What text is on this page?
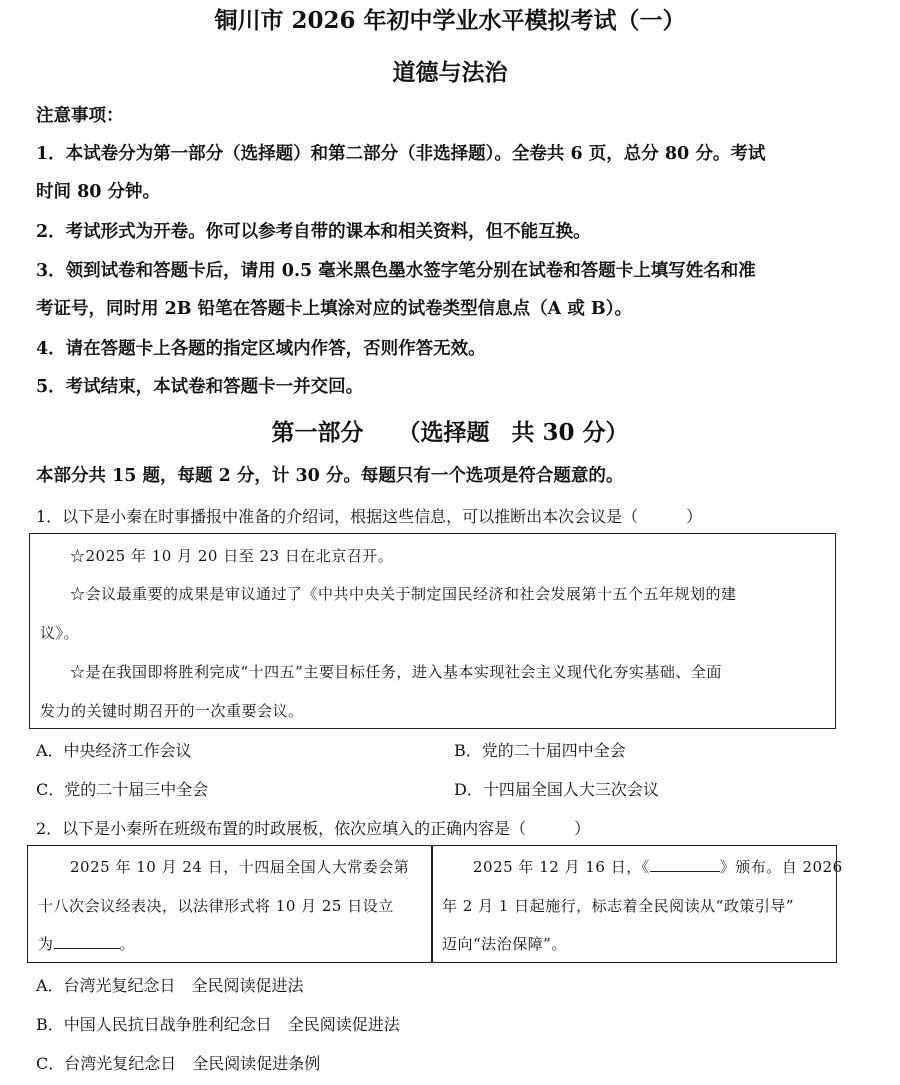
铜川市 2026 年初中学业水平模拟考试（一）
道德与法治
注意事项：
1．本试卷分为第一部分（选择题）和第二部分（非选择题）。全卷共 6 页，总分 80 分。考试
时间 80 分钟。
2．考试形式为开卷。你可以参考自带的课本和相关资料，但不能互换。
3．领到试卷和答题卡后，请用 0.5 毫米黑色墨水签字笔分别在试卷和答题卡上填写姓名和准
考证号，同时用 2B 铅笔在答题卡上填涂对应的试卷类型信息点（A 或 B）。
4．请在答题卡上各题的指定区域内作答，否则作答无效。
5．考试结束，本试卷和答题卡一并交回。
第一部分 （选择题 共 30 分）
本部分共 15 题，每题 2 分，计 30 分。每题只有一个选项是符合题意的。
1．以下是小秦在时事播报中准备的介绍词，根据这些信息，可以推断出本次会议是（　　　）
☆2025 年 10 月 20 日至 23 日在北京召开。
☆会议最重要的成果是审议通过了《中共中央关于制定国民经济和社会发展第十五个五年规划的建
议》。
☆是在我国即将胜利完成“十四五”主要目标任务，进入基本实现社会主义现代化夯实基础、全面
发力的关键时期召开的一次重要会议。
A．中央经济工作会议	B．党的二十届四中全会
C．党的二十届三中全会	D．十四届全国人大三次会议
2．以下是小秦所在班级布置的时政展板，依次应填入的正确内容是（　　　）
2025 年 10 月 24 日，十四届全国人大常委会第
十八次会议经表决，以法律形式将 10 月 25 日设立
为	。
2025 年 12 月 16 日，《	》颁布。自 2026
年 2 月 1 日起施行，标志着全民阅读从“政策引导”
迈向“法治保障”。
A．台湾光复纪念日　全民阅读促进法
B．中国人民抗日战争胜利纪念日　全民阅读促进法
C．台湾光复纪念日　全民阅读促进条例
